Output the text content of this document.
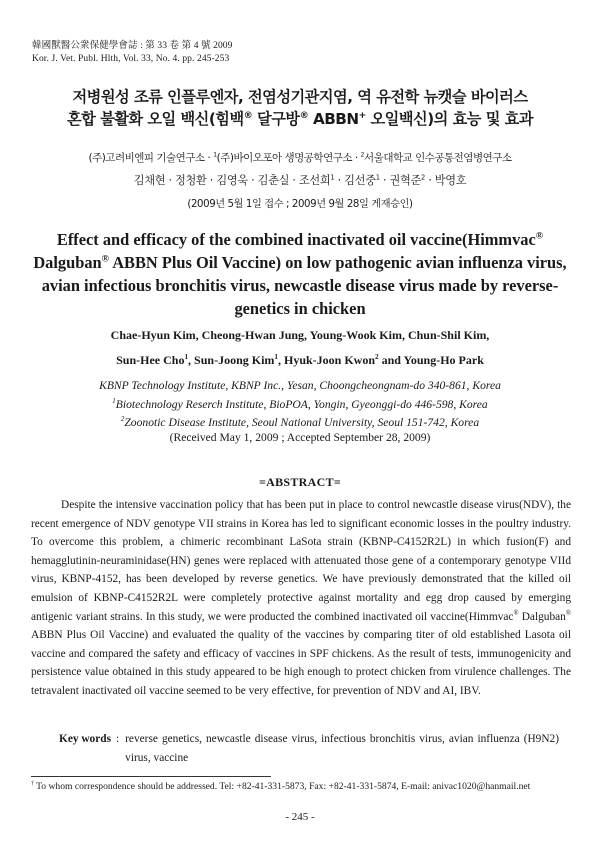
韓國獸醫公衆保健學會誌 : 第 33 卷 第 4 號 2009
Kor. J. Vet. Publ. Hlth, Vol. 33, No. 4. pp. 245-253
저병원성 조류 인플루엔자, 전염성기관지염, 역 유전학 뉴캣슬 바이러스
혼합 불활화 오일 백신(힘백® 달구방® ABBN+ 오일백신)의 효능 및 효과
(주)고려비엔피 기술연구소 · $^1$(주)바이오포아 생명공학연구소 · $^2$서울대학교 인수공통전염병연구소
김채현 · 정청환 · 김영욱 · 김춘실 · 조선희$^1$ · 김선중$^1$ · 권혁준$^2$ · 박영호
(2009년 5월 1일 접수 ; 2009년 9월 28일 게재승인)
Effect and efficacy of the combined inactivated oil vaccine(Himmvac® Dalguban® ABBN Plus Oil Vaccine) on low pathogenic avian influenza virus, avian infectious bronchitis virus, newcastle disease virus made by reverse-genetics in chicken
Chae-Hyun Kim, Cheong-Hwan Jung, Young-Wook Kim, Chun-Shil Kim,
Sun-Hee Cho$^1$, Sun-Joong Kim$^1$, Hyuk-Joon Kwon$^2$ and Young-Ho Park
KBNP Technology Institute, KBNP Inc., Yesan, Choongcheongnam-do 340-861, Korea
$^1$Biotechnology Reserch Institute, BioPOA, Yongin, Gyeonggi-do 446-598, Korea
$^2$Zoonotic Disease Institute, Seoul National University, Seoul 151-742, Korea
(Received May 1, 2009 ; Accepted September 28, 2009)
=ABSTRACT=

Despite the intensive vaccination policy that has been put in place to control newcastle disease virus(NDV), the recent emergence of NDV genotype VII strains in Korea has led to significant economic losses in the poultry industry. To overcome this problem, a chimeric recombinant LaSota strain (KBNP-C4152R2L) in which fusion(F) and hemagglutinin-neuraminidase(HN) genes were replaced with attenuated those gene of a contemporary genotype VIId virus, KBNP-4152, has been developed by reverse genetics. We have previously demonstrated that the killed oil emulsion of KBNP-C4152R2L were completely protective against mortality and egg drop caused by emerging antigenic variant strains. In this study, we were producted the combined inactivated oil vaccine(Himmvac® Dalguban® ABBN Plus Oil Vaccine) and evaluated the quality of the vaccines by comparing titer of old established Lasota oil vaccine and compared the safety and efficacy of vaccines in SPF chickens. As the result of tests, immunogenicity and persistence value obtained in this study appeared to be high enough to protect chicken from virulence challenges. The tetravalent inactivated oil vaccine seemed to be very effective, for prevention of NDV and AI, IBV.

Key words : reverse genetics, newcastle disease virus, infectious bronchitis virus, avian influenza (H9N2) virus, vaccine
† To whom correspondence should be addressed. Tel: +82-41-331-5873, Fax: +82-41-331-5874, E-mail: anivac1020@hanmail.net
- 245 -
